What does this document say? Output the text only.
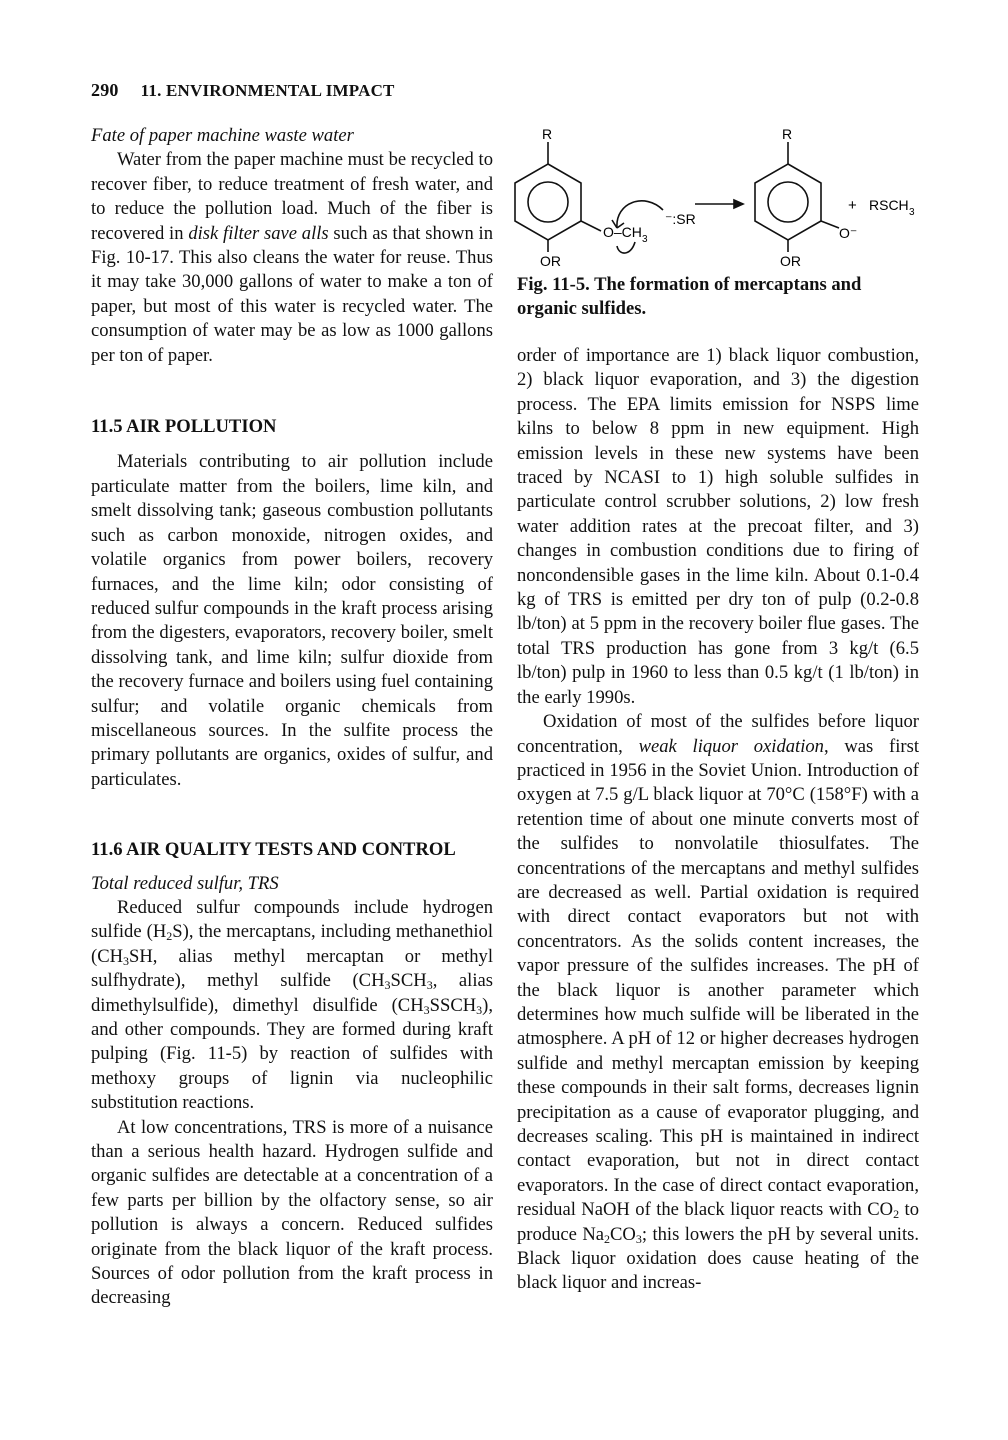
290 11. ENVIRONMENTAL IMPACT

Fate of paper machine waste water

Water from the paper machine must be recycled to recover fiber, to reduce treatment of fresh water, and to reduce the pollution load. Much of the fiber is recovered in disk filter save alls such as that shown in Fig. 10-17. This also cleans the water for reuse. Thus it may take 30,000 gallons of water to make a ton of paper, but most of this water is recycled water. The consumption of water may be as low as 1000 gallons per ton of paper.

11.5 AIR POLLUTION

Materials contributing to air pollution include particulate matter from the boilers, lime kiln, and smelt dissolving tank; gaseous combustion pollutants such as carbon monoxide, nitrogen oxides, and volatile organics from power boilers, recovery furnaces, and the lime kiln; odor consisting of reduced sulfur compounds in the kraft process arising from the digesters, evaporators, recovery boiler, smelt dissolving tank, and lime kiln; sulfur dioxide from the recovery furnace and boilers using fuel containing sulfur; and volatile organic chemicals from miscellaneous sources. In the sulfite process the primary pollutants are organics, oxides of sulfur, and particulates.

11.6 AIR QUALITY TESTS AND CONTROL

Total reduced sulfur, TRS

Reduced sulfur compounds include hydrogen sulfide $(H_2S)$, the mercaptans, including methanethiol ($CH_3SH$, alias methyl mercaptan or methyl sulfhydrate), methyl sulfide ($CH_3SCH_3$, alias dimethylsulfide), dimethyl disulfide $(CH_3SSCH_3)$, and other compounds. They are formed during kraft pulping (Fig. 11-5) by reaction of sulfides with methoxy groups of lignin via nucleophilic substitution reactions.

At low concentrations, TRS is more of a nuisance than a serious health hazard. Hydrogen sulfide and organic sulfides are detectable at a concentration of a few parts per billion by the olfactory sense, so air pollution is always a concern. Reduced sulfides originate from the black liquor of the kraft process. Sources of odor pollution from the kraft process in decreasing

R
OR
O–CH 3
⁻:SR
R
OR
O⁻
+ RSCH 3
Fig. 11-5. The formation of mercaptans and organic sulfides.

order of importance are 1) black liquor combustion, 2) black liquor evaporation, and 3) the digestion process. The EPA limits emission for NSPS lime kilns to below 8 ppm in new equipment. High emission levels in these new systems have been traced by NCASI to 1) high soluble sulfides in particulate control scrubber solutions, 2) low fresh water addition rates at the precoat filter, and 3) changes in combustion conditions due to firing of noncondensible gases in the lime kiln. About 0.1-0.4 kg of TRS is emitted per dry ton of pulp (0.2-0.8 lb/ton) at 5 ppm in the recovery boiler flue gases. The total TRS production has gone from 3 kg/t (6.5 lb/ton) pulp in 1960 to less than 0.5 kg/t (1 lb/ton) in the early 1990s.

Oxidation of most of the sulfides before liquor concentration, weak liquor oxidation, was first practiced in 1956 in the Soviet Union. Introduction of oxygen at 7.5 g/L black liquor at 70°C (158°F) with a retention time of about one minute converts most of the sulfides to nonvolatile thiosulfates. The concentrations of the mercaptans and methyl sulfides are decreased as well. Partial oxidation is required with direct contact evaporators but not with concentrators. As the solids content increases, the vapor pressure of the sulfides increases. The pH of the black liquor is another parameter which determines how much sulfide will be liberated in the atmosphere. A pH of 12 or higher decreases hydrogen sulfide and methyl mercaptan emission by keeping these compounds in their salt forms, decreases lignin precipitation as a cause of evaporator plugging, and decreases scaling. This pH is maintained in indirect contact evaporation, but not in direct contact evaporators. In the case of direct contact evaporation, residual NaOH of the black liquor reacts with $CO_2$ to produce $Na_2CO_3$; this lowers the pH by several units. Black liquor oxidation does cause heating of the black liquor and increas-
